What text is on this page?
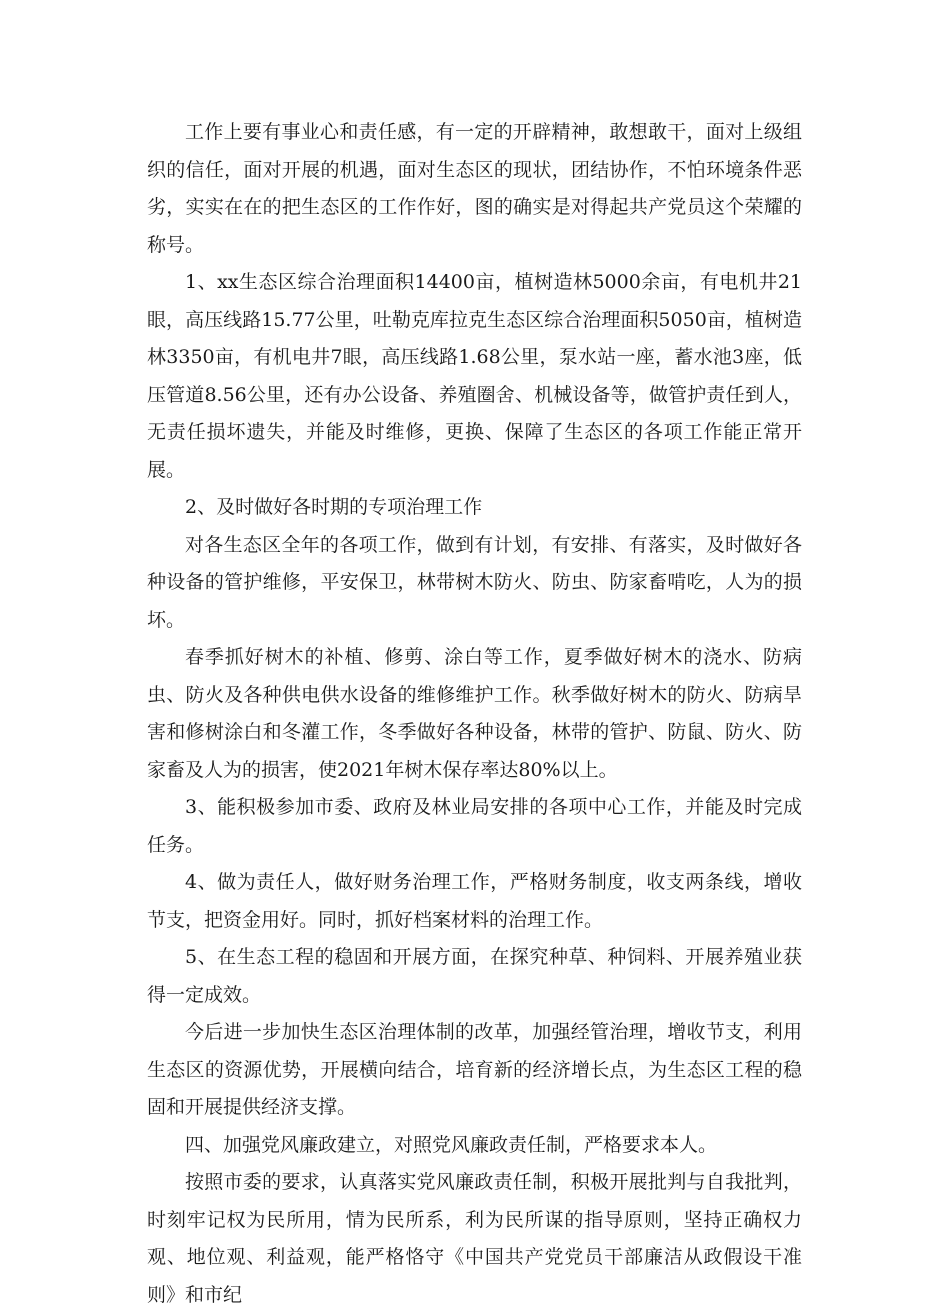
工作上要有事业心和责任感，有一定的开辟精神，敢想敢干，面对上级组织的信任，面对开展的机遇，面对生态区的现状，团结协作，不怕环境条件恶劣，实实在在的把生态区的工作作好，图的确实是对得起共产党员这个荣耀的称号。

1、xx生态区综合治理面积14400亩，植树造林5000余亩，有电机井21眼，高压线路15.77公里，吐勒克库拉克生态区综合治理面积5050亩，植树造林3350亩，有机电井7眼，高压线路1.68公里，泵水站一座，蓄水池3座，低压管道8.56公里，还有办公设备、养殖圈舍、机械设备等，做管护责任到人，无责任损坏遗失，并能及时维修，更换、保障了生态区的各项工作能正常开展。

2、及时做好各时期的专项治理工作

对各生态区全年的各项工作，做到有计划，有安排、有落实，及时做好各种设备的管护维修，平安保卫，林带树木防火、防虫、防家畜啃吃，人为的损坏。

春季抓好树木的补植、修剪、涂白等工作，夏季做好树木的浇水、防病虫、防火及各种供电供水设备的维修维护工作。秋季做好树木的防火、防病旱害和修树涂白和冬灌工作，冬季做好各种设备，林带的管护、防鼠、防火、防家畜及人为的损害，使2021年树木保存率达80%以上。

3、能积极参加市委、政府及林业局安排的各项中心工作，并能及时完成任务。

4、做为责任人，做好财务治理工作，严格财务制度，收支两条线，增收节支，把资金用好。同时，抓好档案材料的治理工作。

5、在生态工程的稳固和开展方面，在探究种草、种饲料、开展养殖业获得一定成效。

今后进一步加快生态区治理体制的改革，加强经管治理，增收节支，利用生态区的资源优势，开展横向结合，培育新的经济增长点，为生态区工程的稳固和开展提供经济支撑。

四、加强党风廉政建立，对照党风廉政责任制，严格要求本人。

按照市委的要求，认真落实党风廉政责任制，积极开展批判与自我批判，时刻牢记权为民所用，情为民所系，利为民所谋的指导原则，坚持正确权力观、地位观、利益观，能严格恪守《中国共产党党员干部廉洁从政假设干准则》和市纪
